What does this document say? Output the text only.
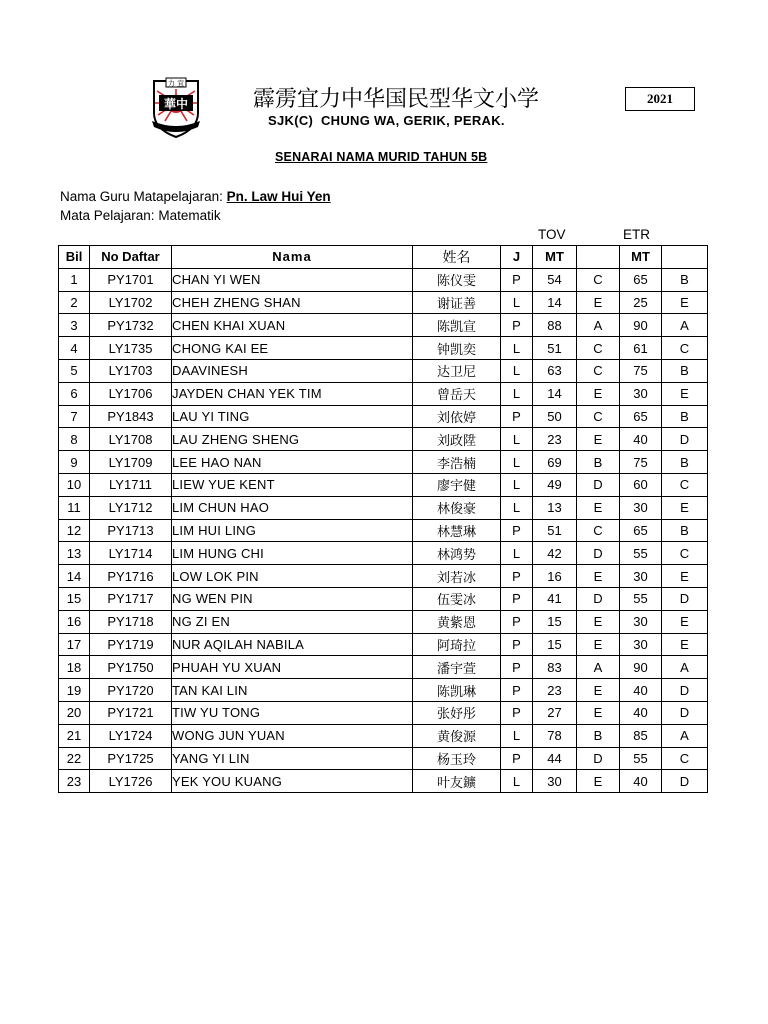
力 宜
華中	霹雳宜力中华国民型华文小学
SJK(C)  CHUNG WA, GERIK, PERAK.
2021
SENARAI NAMA MURID TAHUN 5B
Nama Guru Matapelajaran: Pn. Law Hui Yen
Mata Pelajaran: Matematik
TOV	ETR
Bil	No Daftar	Nama	姓名	J	MT		MT	
1	PY1701	CHAN YI WEN	陈仪雯	P	54	C	65	B
2	LY1702	CHEH ZHENG SHAN	谢证善	L	14	E	25	E
3	PY1732	CHEN KHAI XUAN	陈凯宣	P	88	A	90	A
4	LY1735	CHONG KAI EE	钟凯奕	L	51	C	61	C
5	LY1703	DAAVINESH	达卫尼	L	63	C	75	B
6	LY1706	JAYDEN CHAN YEK TIM	曾岳天	L	14	E	30	E
7	PY1843	LAU YI TING	刘依婷	P	50	C	65	B
8	LY1708	LAU ZHENG SHENG	刘政陞	L	23	E	40	D
9	LY1709	LEE HAO NAN	李浩楠	L	69	B	75	B
10	LY1711	LIEW YUE KENT	廖宇健	L	49	D	60	C
11	LY1712	LIM CHUN HAO	林俊豪	L	13	E	30	E
12	PY1713	LIM HUI LING	林慧琳	P	51	C	65	B
13	LY1714	LIM HUNG CHI	林鸿势	L	42	D	55	C
14	PY1716	LOW LOK PIN	刘若冰	P	16	E	30	E
15	PY1717	NG WEN PIN	伍雯冰	P	41	D	55	D
16	PY1718	NG ZI EN	黄紫恩	P	15	E	30	E
17	PY1719	NUR AQILAH NABILA	阿琦拉	P	15	E	30	E
18	PY1750	PHUAH YU XUAN	潘宇萱	P	83	A	90	A
19	PY1720	TAN KAI LIN	陈凯琳	P	23	E	40	D
20	PY1721	TIW YU TONG	张妤彤	P	27	E	40	D
21	LY1724	WONG JUN YUAN	黄俊源	L	78	B	85	A
22	PY1725	YANG YI LIN	杨玉玲	P	44	D	55	C
23	LY1726	YEK YOU KUANG	叶友鑛	L	30	E	40	D
